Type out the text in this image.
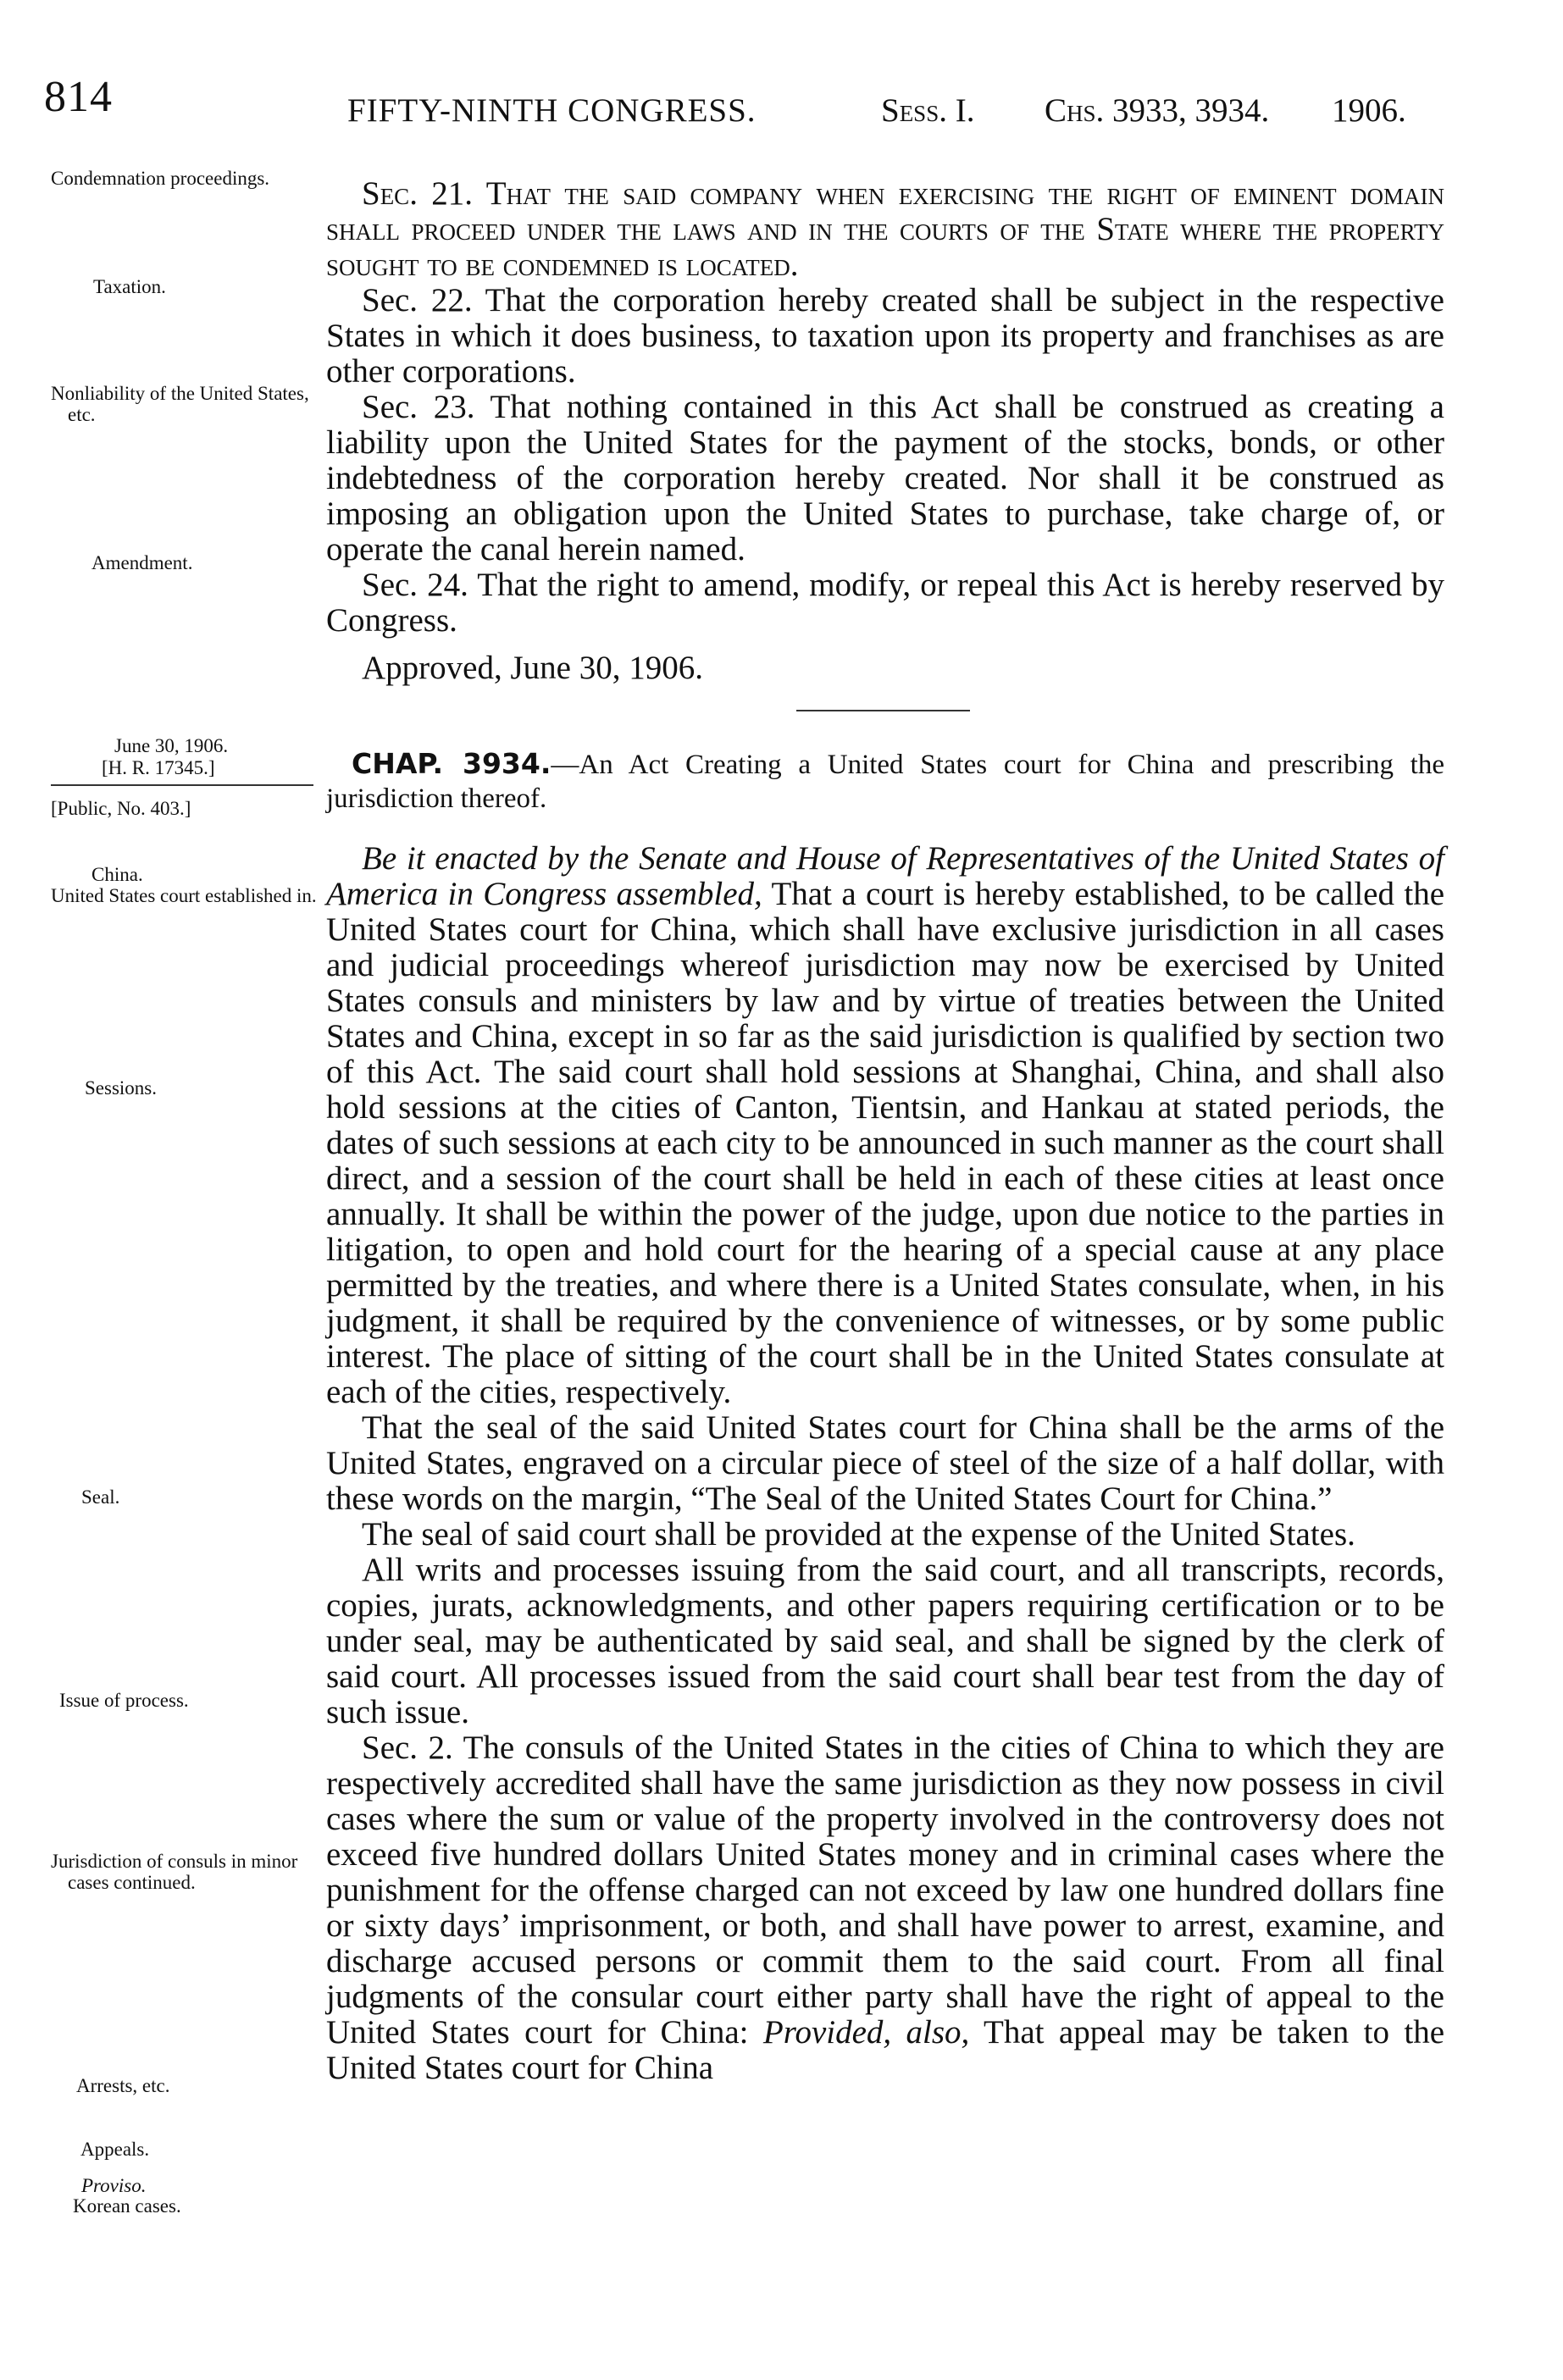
814	FIFTY-NINTH CONGRESS.	Sess. I. Chs. 3933, 3934. 1906.
Condemnation proceedings.
Taxation.
Nonliability of the United States, etc.
Amendment.

Sec. 21. That the said company when exercising the right of eminent domain shall proceed under the laws and in the courts of the State where the property sought to be condemned is located.

Sec. 22. That the corporation hereby created shall be subject in the respective States in which it does business, to taxation upon its property and franchises as are other corporations.

Sec. 23. That nothing contained in this Act shall be construed as creating a liability upon the United States for the payment of the stocks, bonds, or other indebtedness of the corporation hereby created. Nor shall it be construed as imposing an obligation upon the United States to purchase, take charge of, or operate the canal herein named.

Sec. 24. That the right to amend, modify, or repeal this Act is hereby reserved by Congress.

Approved, June 30, 1906.

June 30, 1906.
[H. R. 17345.]
[Public, No. 403.]

CHAP. 3934.—An Act Creating a United States court for China and prescribing the jurisdiction thereof.

Be it enacted by the Senate and House of Representatives of the United States of America in Congress assembled, That a court is hereby established, to be called the United States court for China, which shall have exclusive jurisdiction in all cases and judicial proceedings whereof jurisdiction may now be exercised by United States consuls and ministers by law and by virtue of treaties between the United States and China, except in so far as the said jurisdiction is qualified by section two of this Act. The said court shall hold sessions at Shanghai, China, and shall also hold sessions at the cities of Canton, Tientsin, and Hankau at stated periods, the dates of such sessions at each city to be announced in such manner as the court shall direct, and a session of the court shall be held in each of these cities at least once annually. It shall be within the power of the judge, upon due notice to the parties in litigation, to open and hold court for the hearing of a special cause at any place permitted by the treaties, and where there is a United States consulate, when, in his judgment, it shall be required by the convenience of witnesses, or by some public interest. The place of sitting of the court shall be in the United States consulate at each of the cities, respectively.

That the seal of the said United States court for China shall be the arms of the United States, engraved on a circular piece of steel of the size of a half dollar, with these words on the margin, “The Seal of the United States Court for China.”

The seal of said court shall be provided at the expense of the United States.

All writs and processes issuing from the said court, and all transcripts, records, copies, jurats, acknowledgments, and other papers requiring certification or to be under seal, may be authenticated by said seal, and shall be signed by the clerk of said court. All processes issued from the said court shall bear test from the day of such issue.

Sec. 2. The consuls of the United States in the cities of China to which they are respectively accredited shall have the same jurisdiction as they now possess in civil cases where the sum or value of the property involved in the controversy does not exceed five hundred dollars United States money and in criminal cases where the punishment for the offense charged can not exceed by law one hundred dollars fine or sixty days’ imprisonment, or both, and shall have power to arrest, examine, and discharge accused persons or commit them to the said court. From all final judgments of the consular court either party shall have the right of appeal to the United States court for China: Provided, also, That appeal may be taken to the United States court for China

China.
United States court established in.
Sessions.
Seal.
Issue of process.
Jurisdiction of consuls in minor cases continued.
Arrests, etc.
Appeals.
Proviso.
Korean cases.
